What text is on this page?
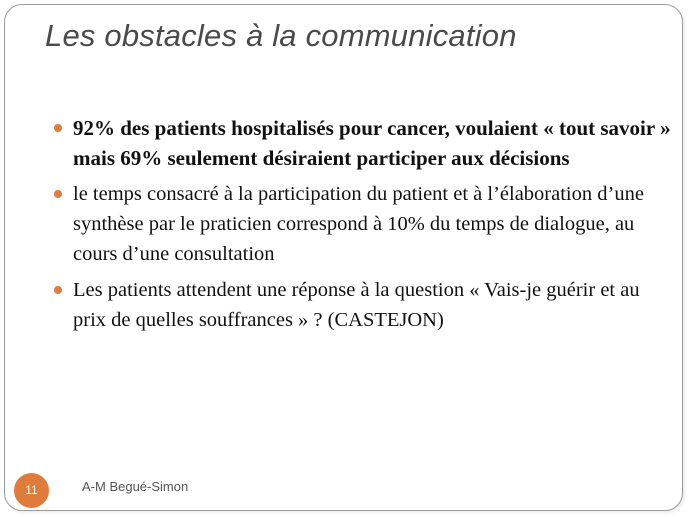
Les obstacles à la communication
92% des patients hospitalisés pour cancer, voulaient « tout savoir » mais 69% seulement désiraient participer aux décisions
le temps consacré à la participation du patient et à l’élaboration d’une synthèse par le praticien correspond à 10% du temps de dialogue, au cours d’une consultation
Les patients attendent une réponse à la question « Vais-je guérir et au prix de quelles souffrances » ? (CASTEJON)
11	A-M Begué-Simon
